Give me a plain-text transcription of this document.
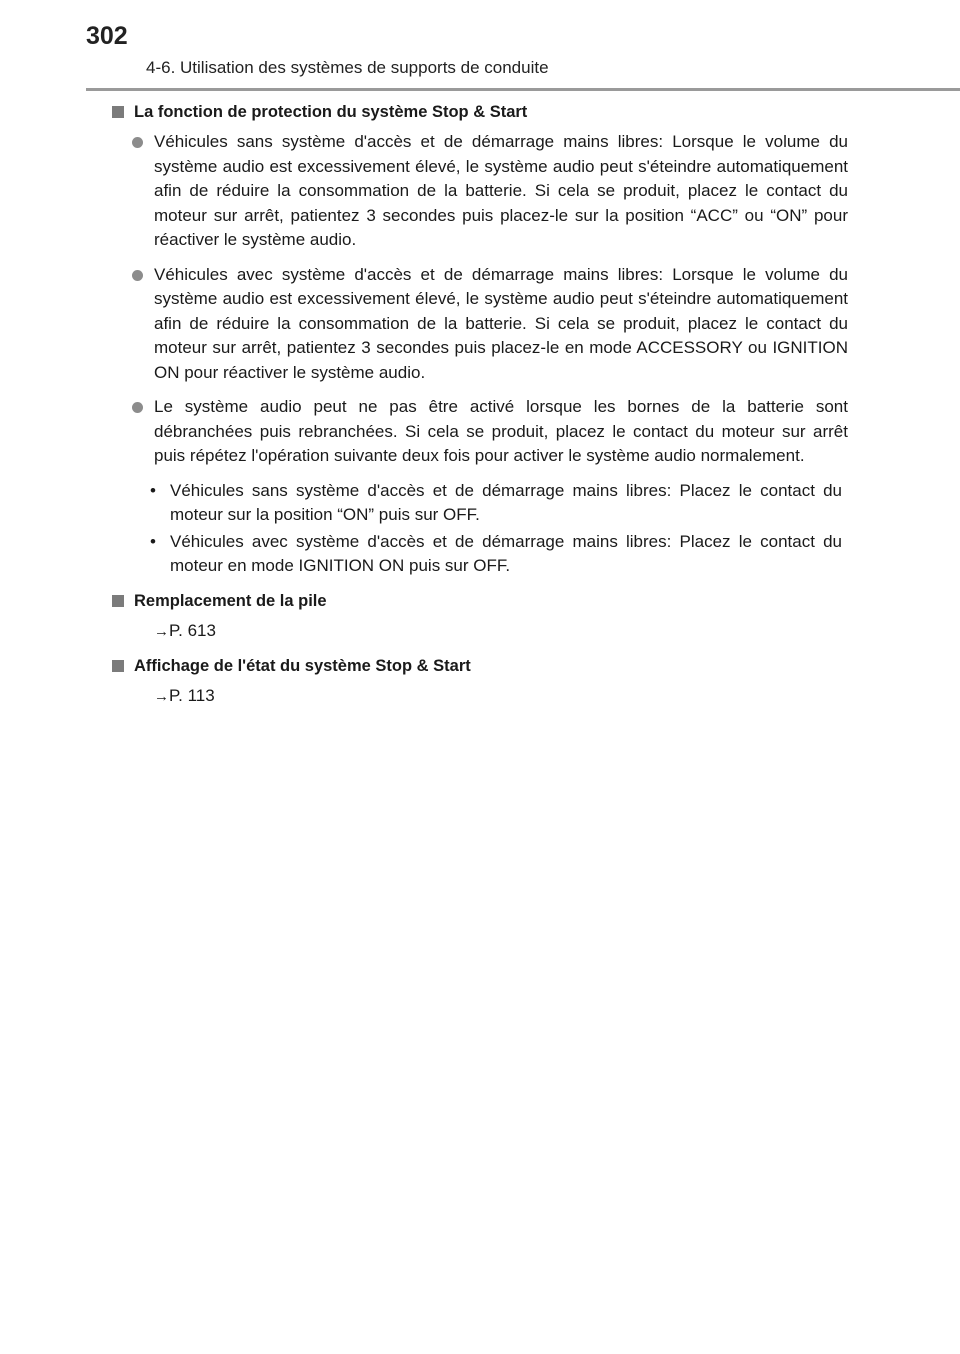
302
4-6. Utilisation des systèmes de supports de conduite
La fonction de protection du système Stop & Start

Véhicules sans système d'accès et de démarrage mains libres: Lorsque le volume du système audio est excessivement élevé, le système audio peut s'éteindre automatiquement afin de réduire la consommation de la batterie. Si cela se produit, placez le contact du moteur sur arrêt, patientez 3 secondes puis placez-le sur la position “ACC” ou “ON” pour réactiver le système audio.

Véhicules avec système d'accès et de démarrage mains libres: Lorsque le volume du système audio est excessivement élevé, le système audio peut s'éteindre automatiquement afin de réduire la consommation de la batterie. Si cela se produit, placez le contact du moteur sur arrêt, patientez 3 secondes puis placez-le en mode ACCESSORY ou IGNITION ON pour réactiver le système audio.

Le système audio peut ne pas être activé lorsque les bornes de la batterie sont débranchées puis rebranchées. Si cela se produit, placez le contact du moteur sur arrêt puis répétez l'opération suivante deux fois pour activer le système audio normalement.

• Véhicules sans système d'accès et de démarrage mains libres: Placez le contact du moteur sur la position “ON” puis sur OFF.

• Véhicules avec système d'accès et de démarrage mains libres: Placez le contact du moteur en mode IGNITION ON puis sur OFF.

Remplacement de la pile
→P. 613
Affichage de l'état du système Stop & Start
→P. 113
